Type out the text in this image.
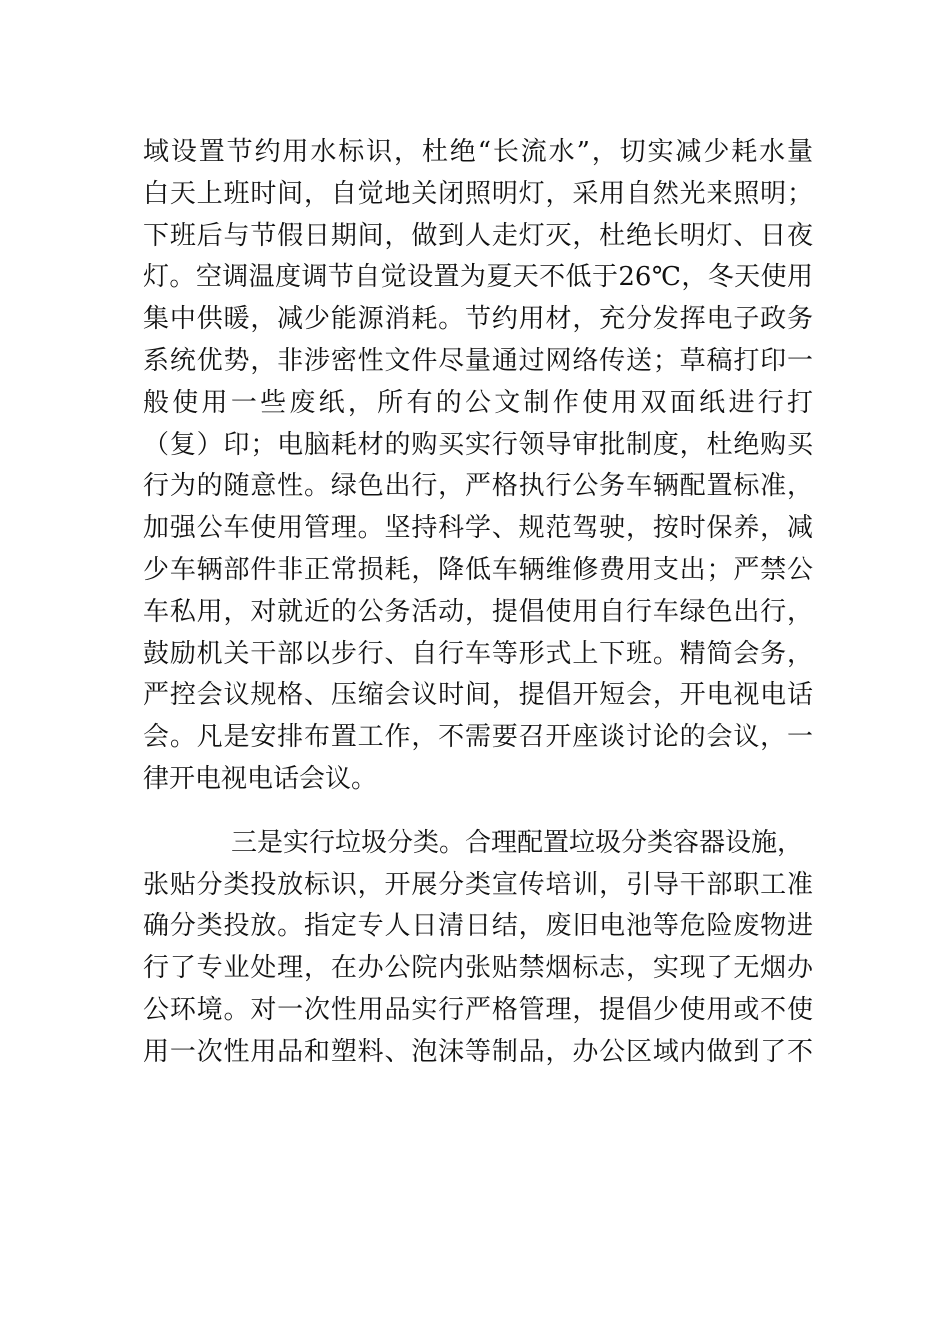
域设置节约用水标识，杜绝“长流水”，切实减少耗水量
白天上班时间，自觉地关闭照明灯，采用自然光来照明；
下班后与节假日期间，做到人走灯灭，杜绝长明灯、日夜
灯。空调温度调节自觉设置为夏天不低于26℃，冬天使用
集中供暖，减少能源消耗。节约用材，充分发挥电子政务
系统优势，非涉密性文件尽量通过网络传送；草稿打印一
般使用一些废纸，所有的公文制作使用双面纸进行打
（复）印；电脑耗材的购买实行领导审批制度，杜绝购买
行为的随意性。绿色出行，严格执行公务车辆配置标准，
加强公车使用管理。坚持科学、规范驾驶，按时保养，减
少车辆部件非正常损耗，降低车辆维修费用支出；严禁公
车私用，对就近的公务活动，提倡使用自行车绿色出行，
鼓励机关干部以步行、自行车等形式上下班。精简会务，
严控会议规格、压缩会议时间，提倡开短会，开电视电话
会。凡是安排布置工作，不需要召开座谈讨论的会议，一
律开电视电话会议。
三是实行垃圾分类。合理配置垃圾分类容器设施，
张贴分类投放标识，开展分类宣传培训，引导干部职工准
确分类投放。指定专人日清日结，废旧电池等危险废物进
行了专业处理，在办公院内张贴禁烟标志，实现了无烟办
公环境。对一次性用品实行严格管理，提倡少使用或不使
用一次性用品和塑料、泡沫等制品，办公区域内做到了不
